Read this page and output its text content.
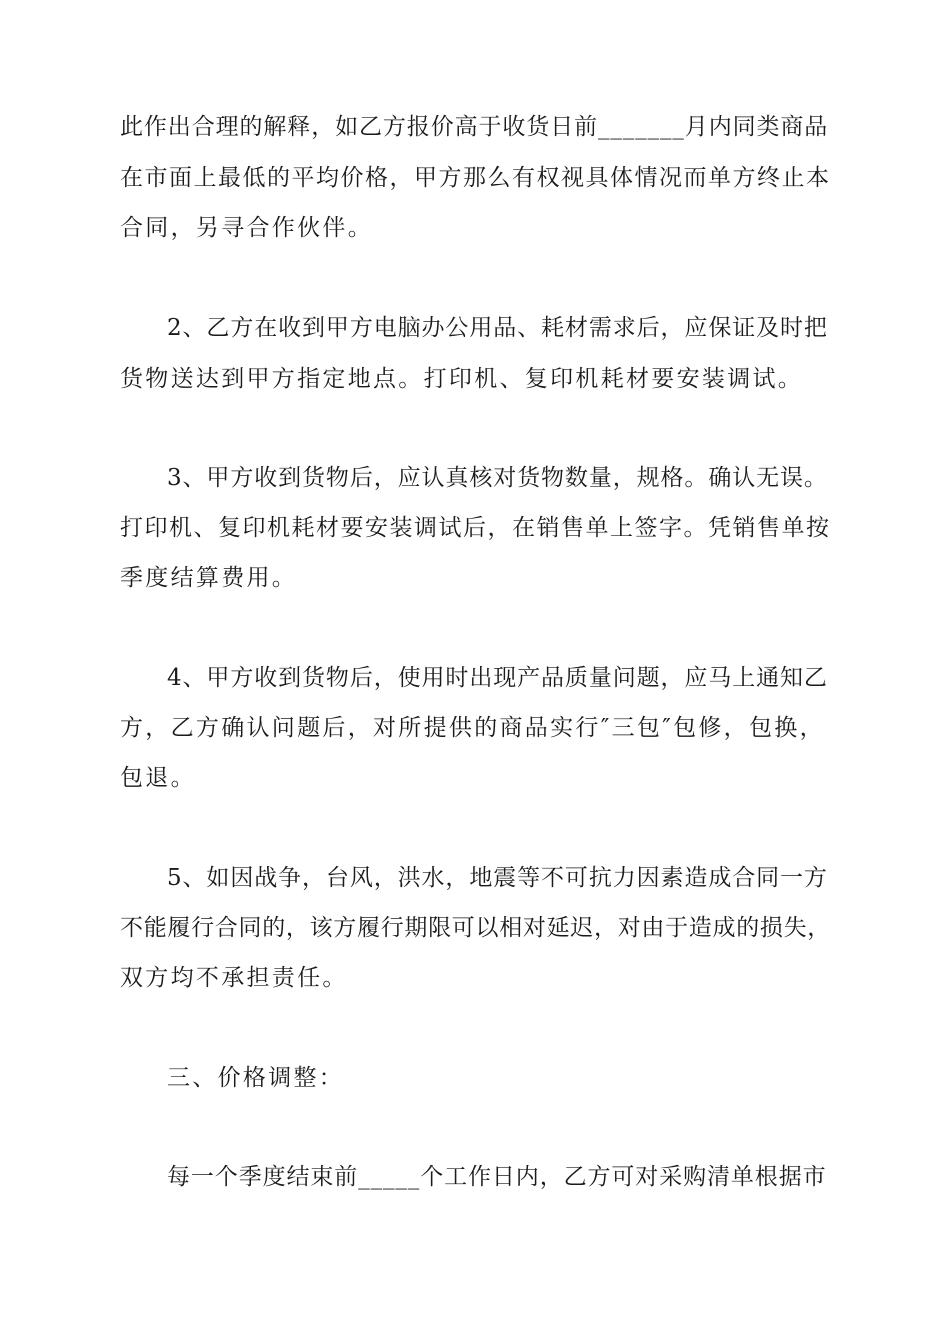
此作出合理的解释，如乙方报价高于收货日前_______月内同类商品
在市面上最低的平均价格，甲方那么有权视具体情况而单方终止本
合同，另寻合作伙伴。
2、乙方在收到甲方电脑办公用品、耗材需求后，应保证及时把
货物送达到甲方指定地点。打印机、复印机耗材要安装调试。
3、甲方收到货物后，应认真核对货物数量，规格。确认无误。
打印机、复印机耗材要安装调试后，在销售单上签字。凭销售单按
季度结算费用。
4、甲方收到货物后，使用时出现产品质量问题，应马上通知乙
方，乙方确认问题后，对所提供的商品实行″三包″包修，包换，
包退。
5、如因战争，台风，洪水，地震等不可抗力因素造成合同一方
不能履行合同的，该方履行期限可以相对延迟，对由于造成的损失，
双方均不承担责任。
三、价格调整：
每一个季度结束前_____个工作日内，乙方可对采购清单根据市
